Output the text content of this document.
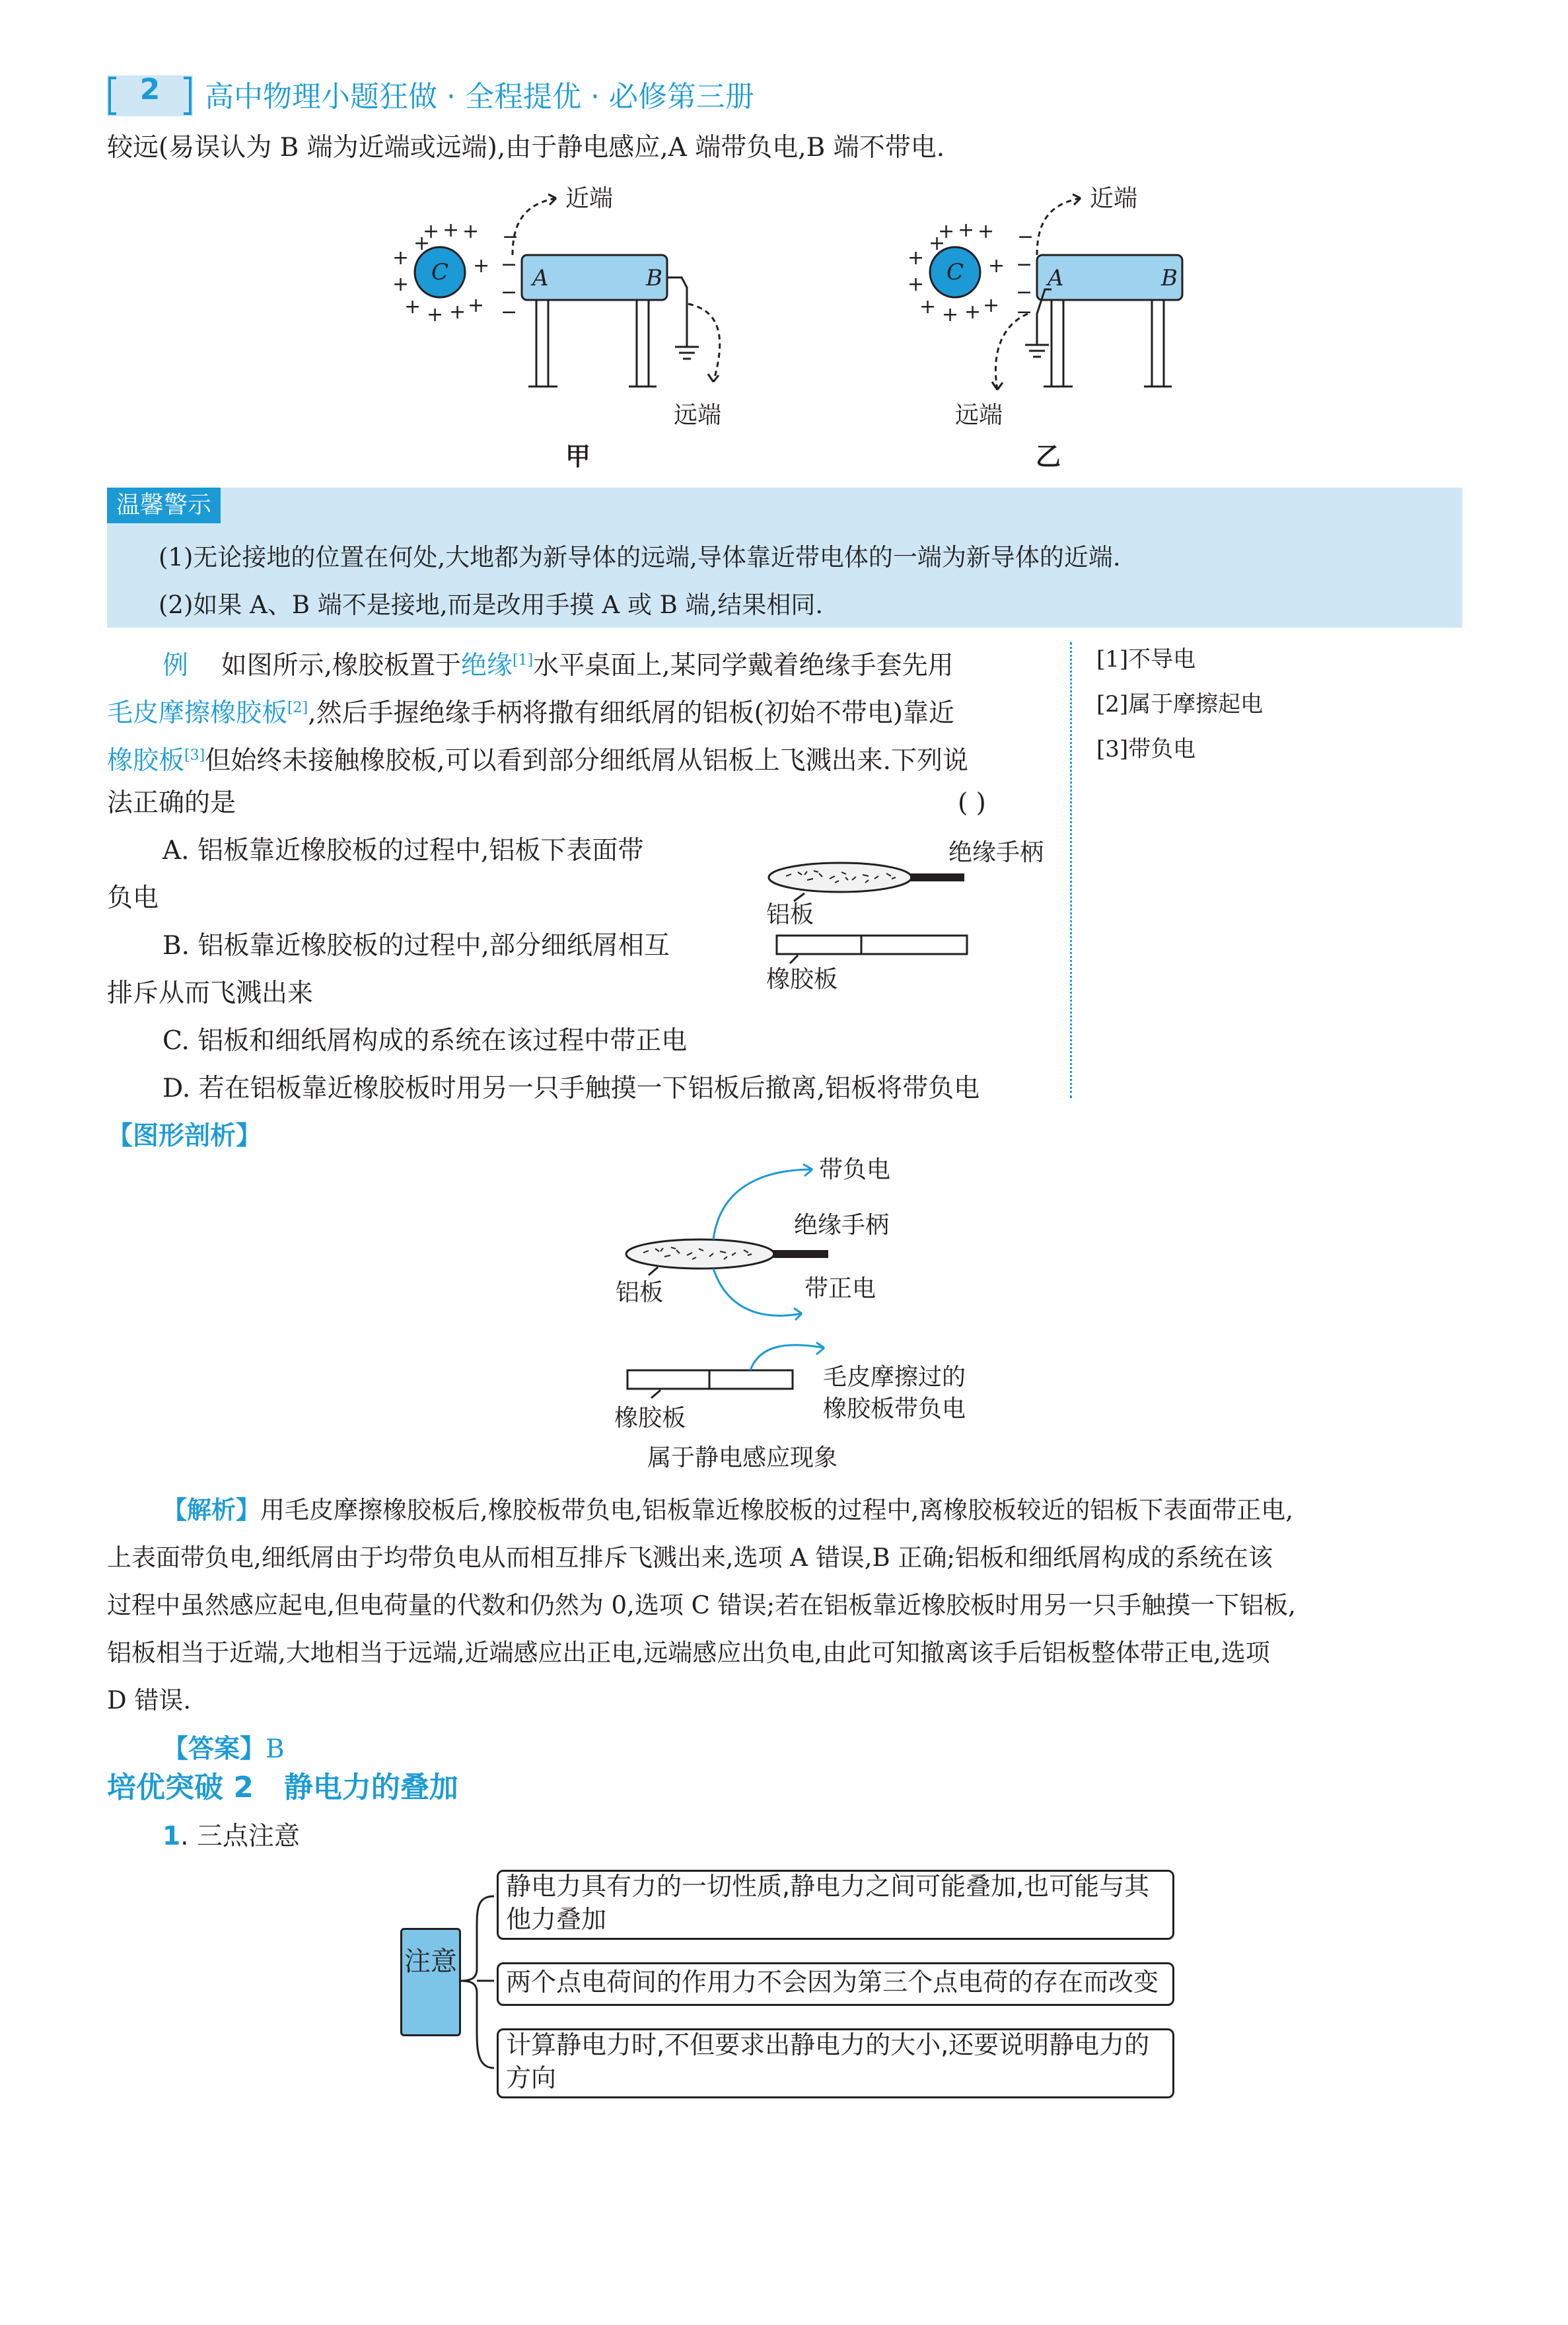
2	高中物理小题狂做 · 全程提优 · 必修第三册
较远(易误认为 B 端为近端或远端),由于静电感应,A 端带负电,B 端不带电.
+ + +
+
+
+
+ + + +
+	−
−
−
−
C	A	B
近端
远端
甲
+ + +
+
+
+
+ + + +
+	−
−
−
−
C	A	B
近端
远端
乙
温馨警示
(1)无论接地的位置在何处,大地都为新导体的远端,导体靠近带电体的一端为新导体的近端.
(2)如果 A、B 端不是接地,而是改用手摸 A 或 B 端,结果相同.
例 如图所示,橡胶板置于绝缘[1]水平桌面上,某同学戴着绝缘手套先用
毛皮摩擦橡胶板[2],然后手握绝缘手柄将撒有细纸屑的铝板(初始不带电)靠近
橡胶板[3]但始终未接触橡胶板,可以看到部分细纸屑从铝板上飞溅出来.下列说
法正确的是	( )
A. 铝板靠近橡胶板的过程中,铝板下表面带
负电
B. 铝板靠近橡胶板的过程中,部分细纸屑相互
排斥从而飞溅出来
C. 铝板和细纸屑构成的系统在该过程中带正电
D. 若在铝板靠近橡胶板时用另一只手触摸一下铝板后撤离,铝板将带负电
绝缘手柄
铝板
橡胶板
[1]不导电
[2]属于摩擦起电
[3]带负电
【图形剖析】
带负电
绝缘手柄
铝板	带正电
橡胶板
毛皮摩擦过的
橡胶板带负电
属于静电感应现象
【解析】用毛皮摩擦橡胶板后,橡胶板带负电,铝板靠近橡胶板的过程中,离橡胶板较近的铝板下表面带正电,
上表面带负电,细纸屑由于均带负电从而相互排斥飞溅出来,选项 A 错误,B 正确;铝板和细纸屑构成的系统在该
过程中虽然感应起电,但电荷量的代数和仍然为 0,选项 C 错误;若在铝板靠近橡胶板时用另一只手触摸一下铝板,
铝板相当于近端,大地相当于远端,近端感应出正电,远端感应出负电,由此可知撤离该手后铝板整体带正电,选项
D 错误.
【答案】B
培优突破 2   静电力的叠加
1. 三点注意
注意
静电力具有力的一切性质,静电力之间可能叠加,也可能与其他力叠加
两个点电荷间的作用力不会因为第三个点电荷的存在而改变
计算静电力时,不但要求出静电力的大小,还要说明静电力的方向
